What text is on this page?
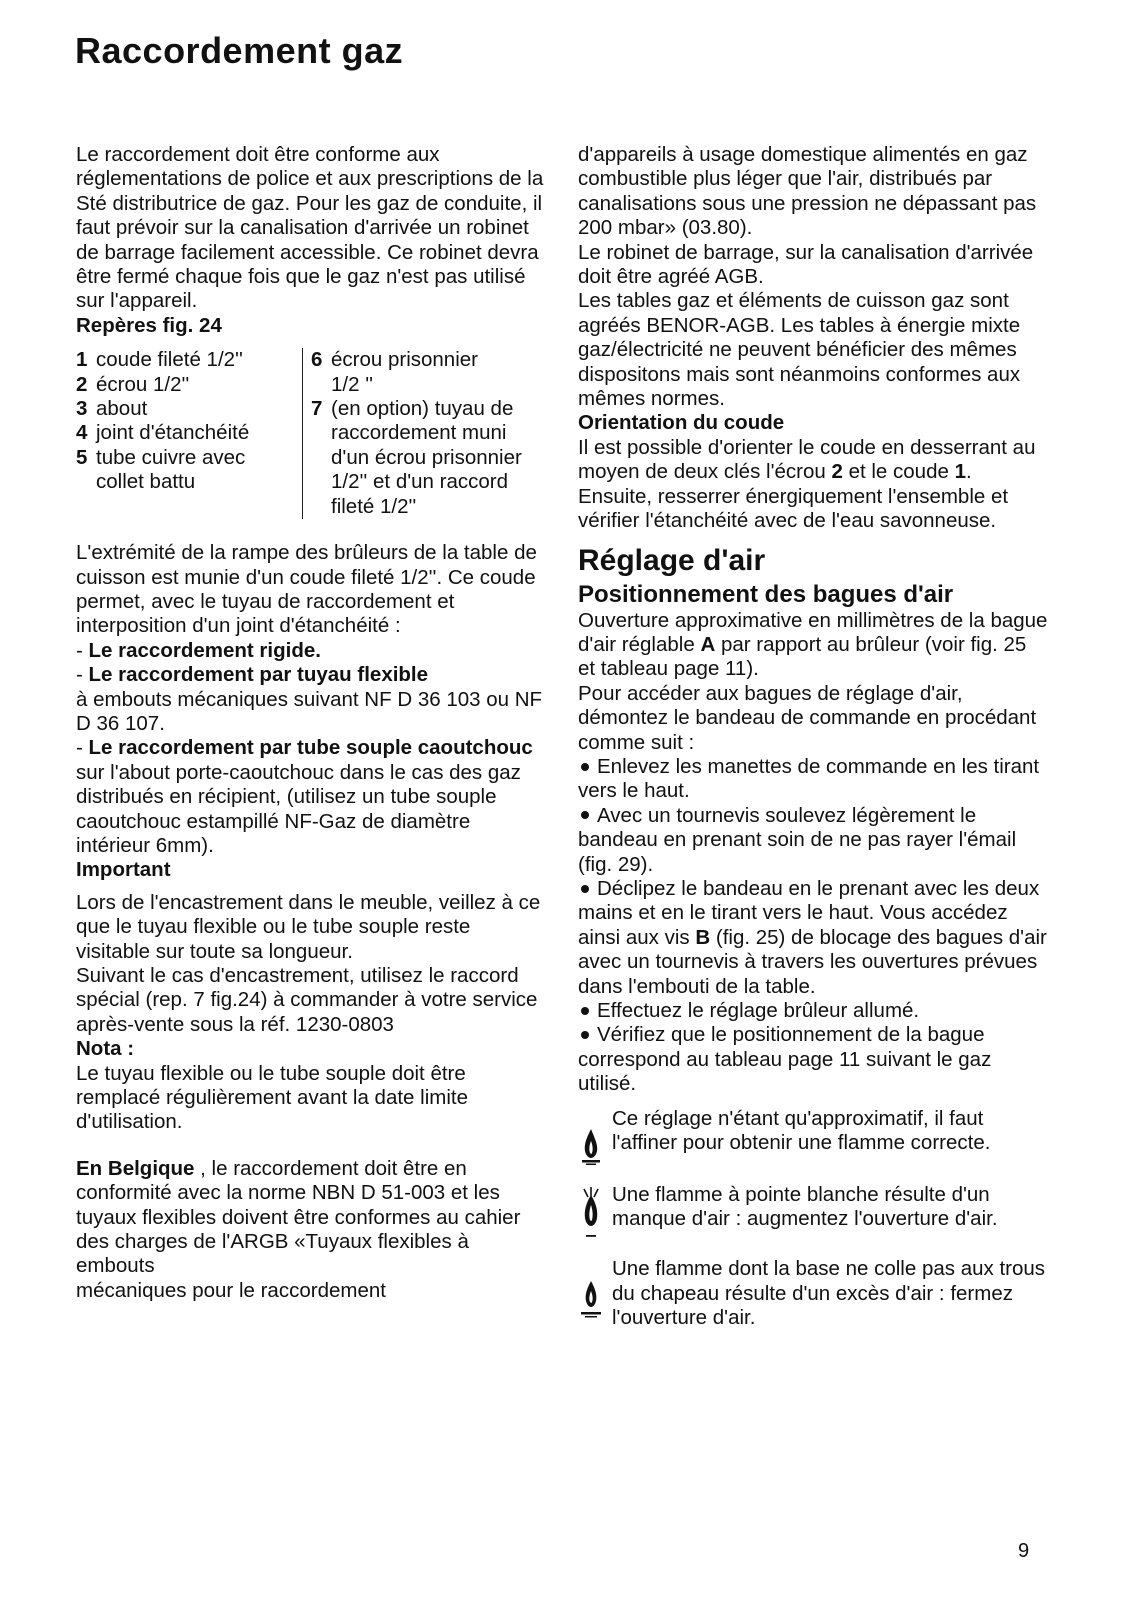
Raccordement gaz

Le raccordement doit être conforme aux réglementations de police et aux prescriptions de la Sté distributrice de gaz. Pour les gaz de conduite, il faut prévoir sur la canalisation d'arrivée un robinet de barrage facilement accessible. Ce robinet devra être fermé chaque fois que le gaz n'est pas utilisé sur l'appareil.

Repères fig. 24

1 coude fileté 1/2''
2 écrou 1/2''
3 about
4 joint d'étanchéité
5 tube cuivre avec collet battu
6 écrou prisonnier 1/2 ''
7 (en option) tuyau de raccordement muni d'un écrou prisonnier 1/2'' et d'un raccord fileté 1/2''

L'extrémité de la rampe des brûleurs de la table de cuisson est munie d'un coude fileté 1/2''. Ce coude permet, avec le tuyau de raccordement et interposition d'un joint d'étanchéité :

- Le raccordement rigide.

- Le raccordement par tuyau flexible
à embouts mécaniques suivant NF D 36 103 ou NF D 36 107.

- Le raccordement par tube souple caoutchouc sur l'about porte-caoutchouc dans le cas des gaz distribués en récipient, (utilisez un tube souple caoutchouc estampillé NF-Gaz de diamètre intérieur 6mm).

Important

Lors de l'encastrement dans le meuble, veillez à ce que le tuyau flexible ou le tube souple reste visitable sur toute sa longueur.

Suivant le cas d'encastrement, utilisez le raccord spécial (rep. 7 fig.24) à commander à votre service après-vente sous la réf. 1230-0803

Nota :

Le tuyau flexible ou le tube souple doit être remplacé régulièrement avant la date limite d'utilisation.

En Belgique , le raccordement doit être en conformité avec la norme NBN D 51-003 et les tuyaux flexibles doivent être conformes au cahier des charges de l'ARGB «Tuyaux flexibles à embouts
mécaniques pour le raccordement

d'appareils à usage domestique alimentés en gaz combustible plus léger que l'air, distribués par canalisations sous une pression ne dépassant pas 200 mbar» (03.80).

Le robinet de barrage, sur la canalisation d'arrivée doit être agréé AGB.

Les tables gaz et éléments de cuisson gaz sont agréés BENOR-AGB. Les tables à énergie mixte gaz/électricité ne peuvent bénéficier des mêmes dispositons mais sont néanmoins conformes aux mêmes normes.

Orientation du coude

Il est possible d'orienter le coude en desserrant au moyen de deux clés l'écrou 2 et le coude 1.

Ensuite, resserrer énergiquement l'ensemble et vérifier l'étanchéité avec de l'eau savonneuse.

Réglage d'air
Positionnement des bagues d'air

Ouverture approximative en millimètres de la bague d'air réglable A par rapport au brûleur (voir fig. 25 et tableau page 11).

Pour accéder aux bagues de réglage d'air, démontez le bandeau de commande en procédant comme suit :

Enlevez les manettes de commande en les tirant vers le haut.

Avec un tournevis soulevez légèrement le bandeau en prenant soin de ne pas rayer l'émail (fig. 29).

Déclipez le bandeau en le prenant avec les deux mains et en le tirant vers le haut. Vous accédez ainsi aux vis B (fig. 25) de blocage des bagues d'air avec un tournevis à travers les ouvertures prévues dans l'embouti de la table.

Effectuez le réglage brûleur allumé.

Vérifiez que le positionnement de la bague correspond au tableau page 11 suivant le gaz utilisé.

Ce réglage n'étant qu'approximatif, il faut l'affiner pour obtenir une flamme correcte.

Une flamme à pointe blanche résulte d'un manque d'air : augmentez l'ouverture d'air.

Une flamme dont la base ne colle pas aux trous du chapeau résulte d'un excès d'air : fermez l'ouverture d'air.

9
